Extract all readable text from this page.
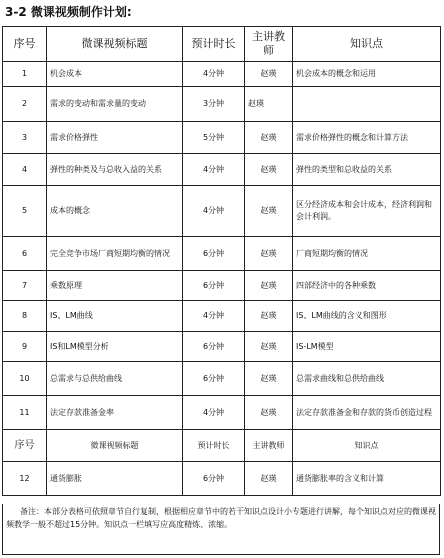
3-2 微课视频制作计划:
序号	微课视频标题	预计时长	主讲教师	知识点
1	机会成本	4分钟	赵瑛	机会成本的概念和运用
2	需求的变动和需求量的变动	3分钟	赵瑛	
3	需求价格弹性	5分钟	赵瑛	需求价格弹性的概念和计算方法
4	弹性的种类及与总收入益的关系	4分钟	赵瑛	弹性的类型和总收益的关系
5	成本的概念	4分钟	赵瑛	区分经济成本和会计成本，经济利润和会计利润。
6	完全竞争市场厂商短期均衡的情况	6分钟	赵瑛	厂商短期均衡的情况
7	乘数原理	6分钟	赵瑛	四部经济中的各种乘数
8	IS、LM曲线	4分钟	赵瑛	IS、LM曲线的含义和图形
9	IS和LM模型分析	6分钟	赵瑛	IS-LM模型
10	总需求与总供给曲线	6分钟	赵瑛	总需求曲线和总供给曲线
11	法定存款准备金率	4分钟	赵瑛	法定存款准备金和存款的货币创造过程
序号	微课视频标题	预计时长	主讲教师	知识点
12	通货膨胀	6分钟	赵瑛	通货膨胀率的含义和计算
备注：本部分表格可依照章节自行复制，根据相应章节中的若干知识点设计小专题进行讲解，每个知识点对应的微课视频教学一般不超过15分钟。知识点一栏填写应高度精炼、浓缩。
